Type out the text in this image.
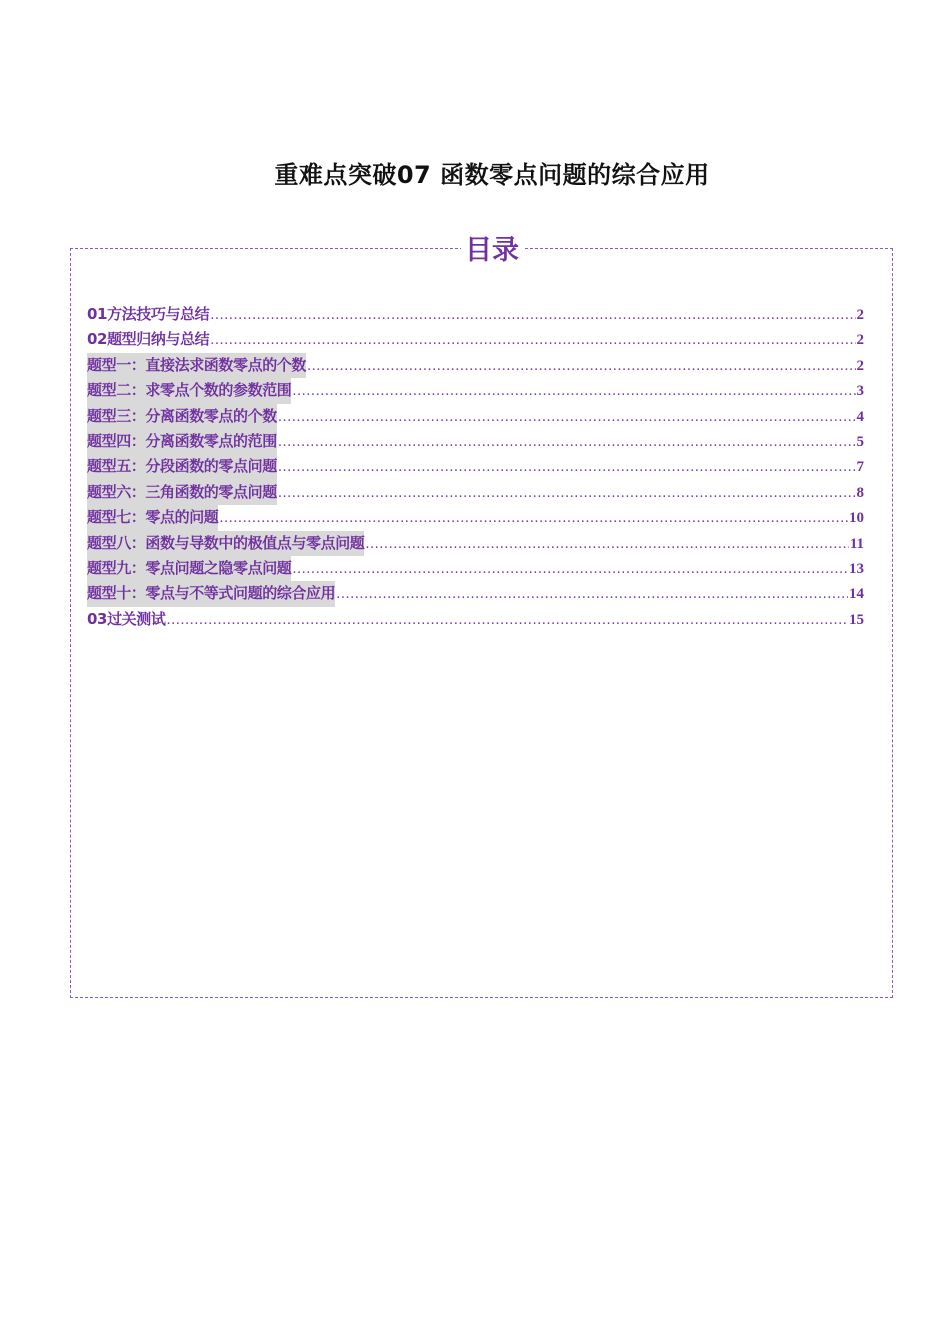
重难点突破07 函数零点问题的综合应用
目录
01方法技巧与总结 .....	2
02题型归纳与总结 .....	2
题型一：直接法求函数零点的个数 .....	2
题型二：求零点个数的参数范围 .....	3
题型三：分离函数零点的个数 .....	4
题型四：分离函数零点的范围 .....	5
题型五：分段函数的零点问题 .....	7
题型六：三角函数的零点问题 .....	8
题型七：零点的问题 .....	10
题型八：函数与导数中的极值点与零点问题 .....	11
题型九：零点问题之隐零点问题 .....	13
题型十：零点与不等式问题的综合应用 .....	14
03过关测试 .....	15
